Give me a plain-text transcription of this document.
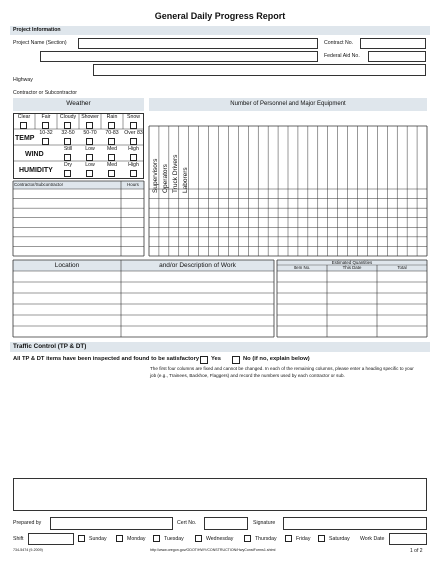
General Daily Progress Report
Project Information
Project Name (Section)	Contract No.
Federal Aid No.
Highway
Contractor or Subcontractor
Weather	Number of Personnel and Major Equipment
Clear	Fair	Cloudy Shower	Rain	Snow
TEMP
10-32	32-50	50-70	70-83	Over 83
WIND
Still	Low	Med	High
HUMIDITY
Dry	Low	Med	High
Contractor/Subcontractor	Hours	Supervisors Operators Truck Drivers Laborers
Location	and/or Description of Work	Estimated Quantities
Item No.	This Date	Total
Traffic Control (TP & DT)
All TP & DT items have been inspected and found to be satisfactory Yes	No (if no, explain below)
The first four columns are fixed and cannot be changed. In each of the remaining columns, please enter a heading specific to your job (e.g., Trainees, Backhoe, Flaggers) and record the numbers used by each contractor or sub.
Prepared by	Cert No.	Signature
Shift	Sunday	Monday	Tuesday	Wednesday	Thursday	Friday	Saturday Work Date
734-5474 (9-2009)	http://www.oregon.gov/ODOT/HWY/CONSTRUCTION/HwyConstForms1.shtml	1 of 2
